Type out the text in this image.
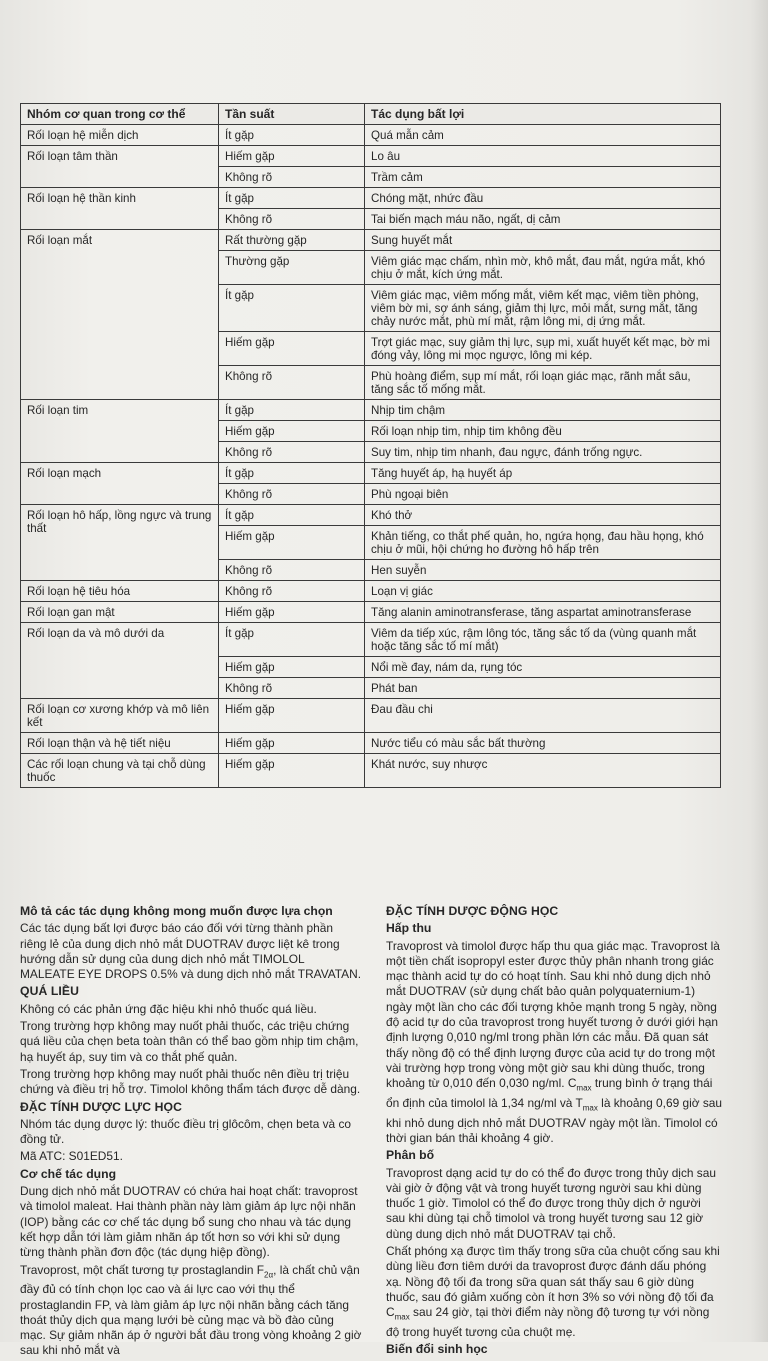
Nhóm cơ quan trong cơ thể	Tần suất	Tác dụng bất lợi
Rối loạn hệ miễn dịch	Ít gặp	Quá mẫn cảm
Rối loạn tâm thần	Hiếm gặp	Lo âu
	Không rõ	Trầm cảm
Rối loạn hệ thần kinh	Ít gặp	Chóng mặt, nhức đầu
	Không rõ	Tai biến mạch máu não, ngất, dị cảm
Rối loạn mắt	Rất thường gặp	Sung huyết mắt
	Thường gặp	Viêm giác mạc chấm, nhìn mờ, khô mắt, đau mắt, ngứa mắt, khó chịu ở mắt, kích ứng mắt.
	Ít gặp	Viêm giác mạc, viêm mống mắt, viêm kết mạc, viêm tiền phòng, viêm bờ mi, sợ ánh sáng, giảm thị lực, mỏi mắt, sưng mắt, tăng chảy nước mắt, phù mí mắt, rậm lông mi, dị ứng mắt.
	Hiếm gặp	Trợt giác mạc, suy giảm thị lực, sụp mi, xuất huyết kết mạc, bờ mi đóng vảy, lông mi mọc ngược, lông mi kép.
	Không rõ	Phù hoàng điểm, sụp mí mắt, rối loạn giác mạc, rãnh mắt sâu, tăng sắc tố mống mắt.
Rối loạn tim	Ít gặp	Nhịp tim chậm
	Hiếm gặp	Rối loạn nhịp tim, nhịp tim không đều
	Không rõ	Suy tim, nhịp tim nhanh, đau ngực, đánh trống ngực.
Rối loạn mạch	Ít gặp	Tăng huyết áp, hạ huyết áp
	Không rõ	Phù ngoại biên
Rối loạn hô hấp, lồng ngực và trung thất	Ít gặp	Khó thở
	Hiếm gặp	Khản tiếng, co thắt phế quản, ho, ngứa họng, đau hầu họng, khó chịu ở mũi, hội chứng ho đường hô hấp trên
	Không rõ	Hen suyễn
Rối loạn hệ tiêu hóa	Không rõ	Loạn vị giác
Rối loạn gan mật	Hiếm gặp	Tăng alanin aminotransferase, tăng aspartat aminotransferase
Rối loạn da và mô dưới da	Ít gặp	Viêm da tiếp xúc, rậm lông tóc, tăng sắc tố da (vùng quanh mắt hoặc tăng sắc tố mí mắt)
	Hiếm gặp	Nổi mề đay, nám da, rụng tóc
	Không rõ	Phát ban
Rối loạn cơ xương khớp và mô liên kết	Hiếm gặp	Đau đầu chi
Rối loạn thận và hệ tiết niệu	Hiếm gặp	Nước tiểu có màu sắc bất thường
Các rối loạn chung và tại chỗ dùng thuốc	Hiếm gặp	Khát nước, suy nhược
Mô tả các tác dụng không mong muốn được lựa chọn

Các tác dụng bất lợi được báo cáo đối với từng thành phần riêng lẻ của dung dịch nhỏ mắt DUOTRAV được liệt kê trong hướng dẫn sử dụng của dung dịch nhỏ mắt TIMOLOL MALEATE EYE DROPS 0.5% và dung dịch nhỏ mắt TRAVATAN.

QUÁ LIỀU

Không có các phản ứng đặc hiệu khi nhỏ thuốc quá liều.

Trong trường hợp không may nuốt phải thuốc, các triệu chứng quá liều của chẹn beta toàn thân có thể bao gồm nhịp tim chậm, hạ huyết áp, suy tim và co thắt phế quản.

Trong trường hợp không may nuốt phải thuốc nên điều trị triệu chứng và điều trị hỗ trợ. Timolol không thẩm tách được dễ dàng.

ĐẶC TÍNH DƯỢC LỰC HỌC

Nhóm tác dụng dược lý: thuốc điều trị glôcôm, chẹn beta và co đồng tử.

Mã ATC: S01ED51.

Cơ chế tác dụng

Dung dịch nhỏ mắt DUOTRAV có chứa hai hoạt chất: travoprost và timolol maleat. Hai thành phần này làm giảm áp lực nội nhãn (IOP) bằng các cơ chế tác dụng bổ sung cho nhau và tác dụng kết hợp dẫn tới làm giảm nhãn áp tốt hơn so với khi sử dụng từng thành phần đơn độc (tác dụng hiệp đồng).

Travoprost, một chất tương tự prostaglandin $F_{2\alpha}$, là chất chủ vận đầy đủ có tính chọn lọc cao và ái lực cao với thụ thể prostaglandin FP, và làm giảm áp lực nội nhãn bằng cách tăng thoát thủy dịch qua mạng lưới bè củng mạc và bồ đào củng mạc. Sự giảm nhãn áp ở người bắt đầu trong vòng khoảng 2 giờ sau khi nhỏ mắt và

ĐẶC TÍNH DƯỢC ĐỘNG HỌC
Hấp thu

Travoprost và timolol được hấp thu qua giác mạc. Travoprost là một tiền chất isopropyl ester được thủy phân nhanh trong giác mạc thành acid tự do có hoạt tính. Sau khi nhỏ dung dịch nhỏ mắt DUOTRAV (sử dụng chất bảo quản polyquaternium-1) ngày một lần cho các đối tượng khỏe mạnh trong 5 ngày, nồng độ acid tự do của travoprost trong huyết tương ở dưới giới hạn định lượng 0,010 ng/ml trong phần lớn các mẫu. Đã quan sát thấy nồng độ có thể định lượng được của acid tự do trong một vài trường hợp trong vòng một giờ sau khi dùng thuốc, trong khoảng từ 0,010 đến 0,030 ng/ml. $C_{max}$ trung bình ở trạng thái ổn định của timolol là 1,34 ng/ml và $T_{max}$ là khoảng 0,69 giờ sau khi nhỏ dung dịch nhỏ mắt DUOTRAV ngày một lần. Timolol có thời gian bán thải khoảng 4 giờ.

Phân bố

Travoprost dạng acid tự do có thể đo được trong thủy dịch sau vài giờ ở động vật và trong huyết tương người sau khi dùng thuốc 1 giờ. Timolol có thể đo được trong thủy dịch ở người sau khi dùng tại chỗ timolol và trong huyết tương sau 12 giờ dùng dung dịch nhỏ mắt DUOTRAV tại chỗ.

Chất phóng xạ được tìm thấy trong sữa của chuột cống sau khi dùng liều đơn tiêm dưới da travoprost được đánh dấu phóng xạ. Nồng độ tối đa trong sữa quan sát thấy sau 6 giờ dùng thuốc, sau đó giảm xuống còn ít hơn 3% so với nồng độ tối đa $C_{max}$ sau 24 giờ, tại thời điểm này nồng độ tương tự với nồng độ trong huyết tương của chuột mẹ.

Biến đổi sinh học
